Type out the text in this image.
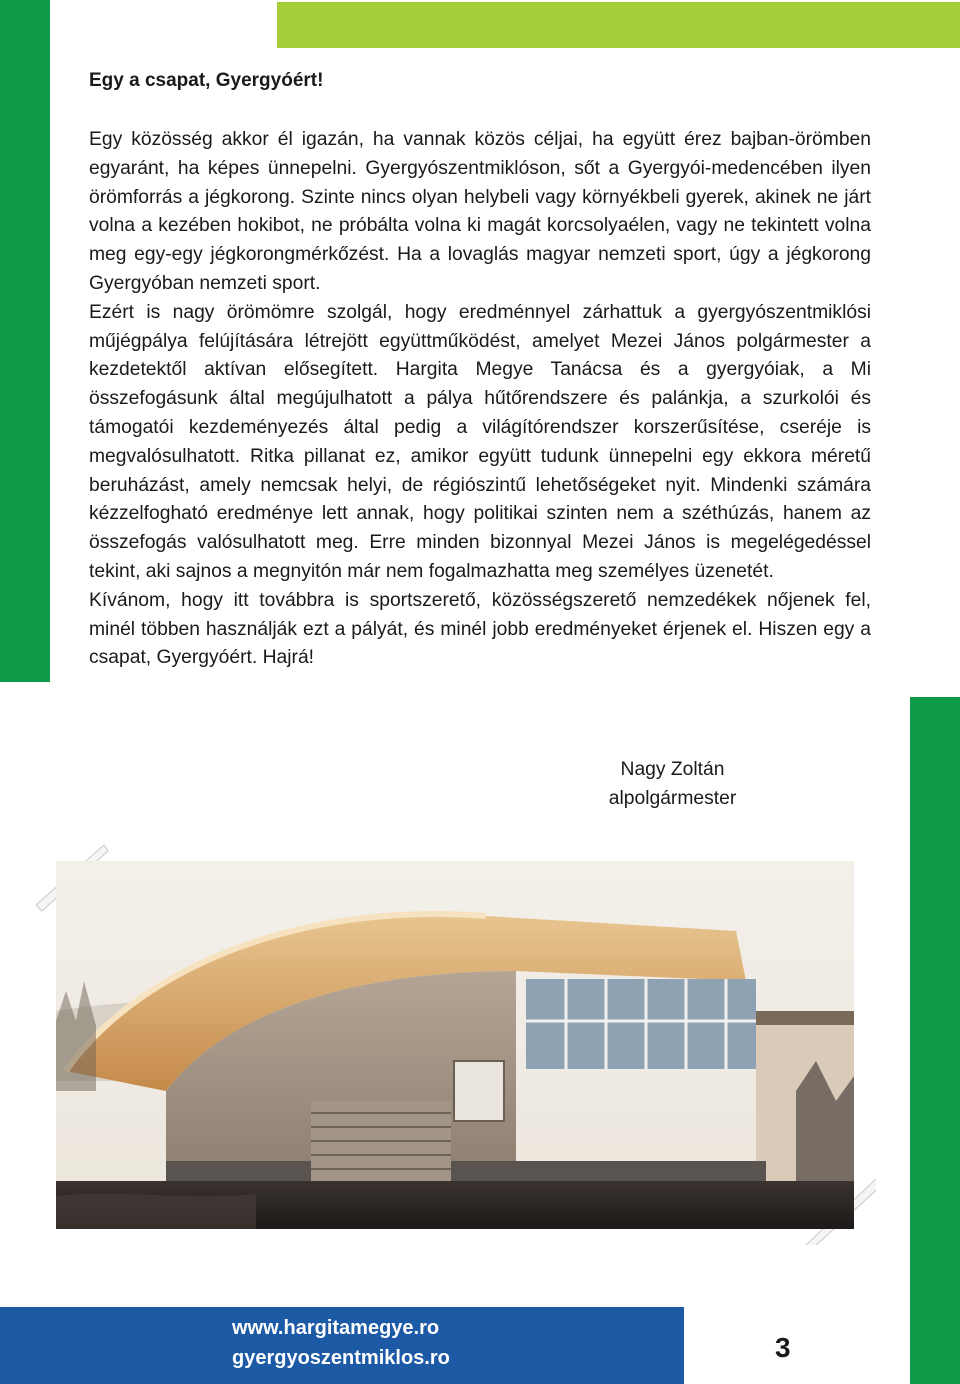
Egy a csapat, Gyergyóért!

Egy közösség akkor él igazán, ha vannak közös céljai, ha együtt érez bajban-örömben egyaránt, ha képes ünnepelni. Gyergyószentmiklóson, sőt a Gyergyói-medencében ilyen örömforrás a jégkorong. Szinte nincs olyan helybeli vagy környékbeli gyerek, akinek ne járt volna a kezében hokibot, ne próbálta volna ki magát korcsolyaélen, vagy ne tekintett volna meg egy-egy jégkorongmérkőzést. Ha a lovaglás magyar nemzeti sport, úgy a jégkorong Gyergyóban nemzeti sport.

Ezért is nagy örömömre szolgál, hogy eredménnyel zárhattuk a gyergyószentmiklósi műjégpálya felújítására létrejött együttműködést, amelyet Mezei János polgármester a kezdetektől aktívan elősegített. Hargita Megye Tanácsa és a gyergyóiak, a Mi összefogásunk által megújulhatott a pálya hűtőrendszere és palánkja, a szurkolói és támogatói kezdeményezés által pedig a világítórendszer korszerűsítése, cseréje is megvalósulhatott. Ritka pillanat ez, amikor együtt tudunk ünnepelni egy ekkora méretű beruházást, amely nemcsak helyi, de régiószintű lehetőségeket nyit. Mindenki számára kézzelfogható eredménye lett annak, hogy politikai szinten nem a széthúzás, hanem az összefogás valósulhatott meg. Erre minden bizonnyal Mezei János is megelégedéssel tekint, aki sajnos a megnyitón már nem fogalmazhatta meg személyes üzenetét.

Kívánom, hogy itt továbbra is sportszerető, közösségszerető nemzedékek nőjenek fel, minél többen használják ezt a pályát, és minél jobb eredményeket érjenek el. Hiszen egy a csapat, Gyergyóért. Hajrá!

Nagy Zoltán
alpolgármester
www.hargitamegye.ro
gyergyoszentmiklos.ro	3
